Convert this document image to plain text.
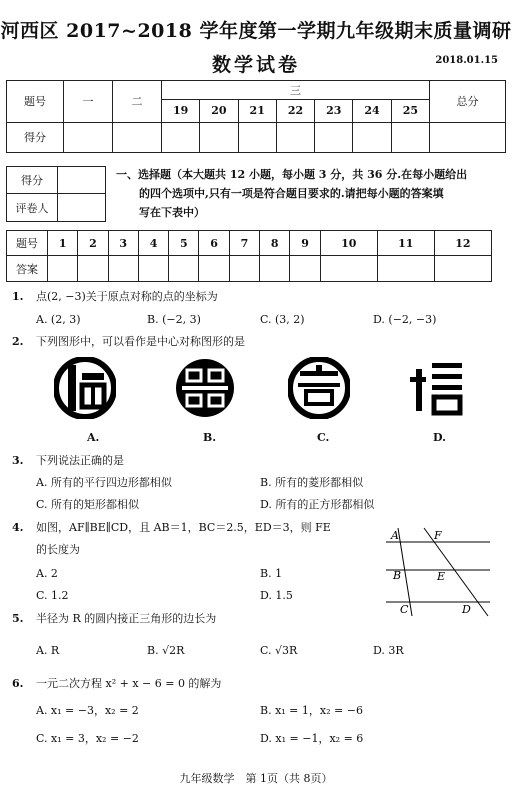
河西区 2017~2018 学年度第一学期九年级期末质量调研
数学试卷	2018.01.15
题号	一	二	三							总分
			19	20	21	22	23	24	25	
得分										
得分	
评卷人	
一、选择题（本大题共 12 小题，每小题 3 分，共 36 分.在每小题给出
的四个选项中,只有一项是符合题目要求的.请把每小题的答案填
写在下表中）
题号	1	2	3	4	5	6	7	8	9	10	11	12
答案												
1. 点(2, −3)关于原点对称的点的坐标为
A. (2, 3)	B. (−2, 3)	C. (3, 2)	D. (−2, −3)
2. 下列图形中，可以看作是中心对称图形的是
福	器	寿	禧
A.	B.	C.	D.
3. 下列说法正确的是
A. 所有的平行四边形都相似	B. 所有的菱形都相似
C. 所有的矩形都相似	D. 所有的正方形都相似
4. 如图，AF∥BE∥CD，且 AB＝1，BC＝2.5，ED＝3，则 FE
的长度为
A. 2	B. 1
C. 1.2	D. 1.5
A
B
C
F
E
D
5. 半径为 R 的圆内接正三角形的边长为
A. R	B. √2R	C. √3R	D. 3R
6. 一元二次方程 x² + x − 6 = 0 的解为
A. x₁ = −3，x₂ = 2	B. x₁ = 1，x₂ = −6
C. x₁ = 3，x₂ = −2	D. x₁ = −1，x₂ = 6
九年级数学　第 1页（共 8页）
